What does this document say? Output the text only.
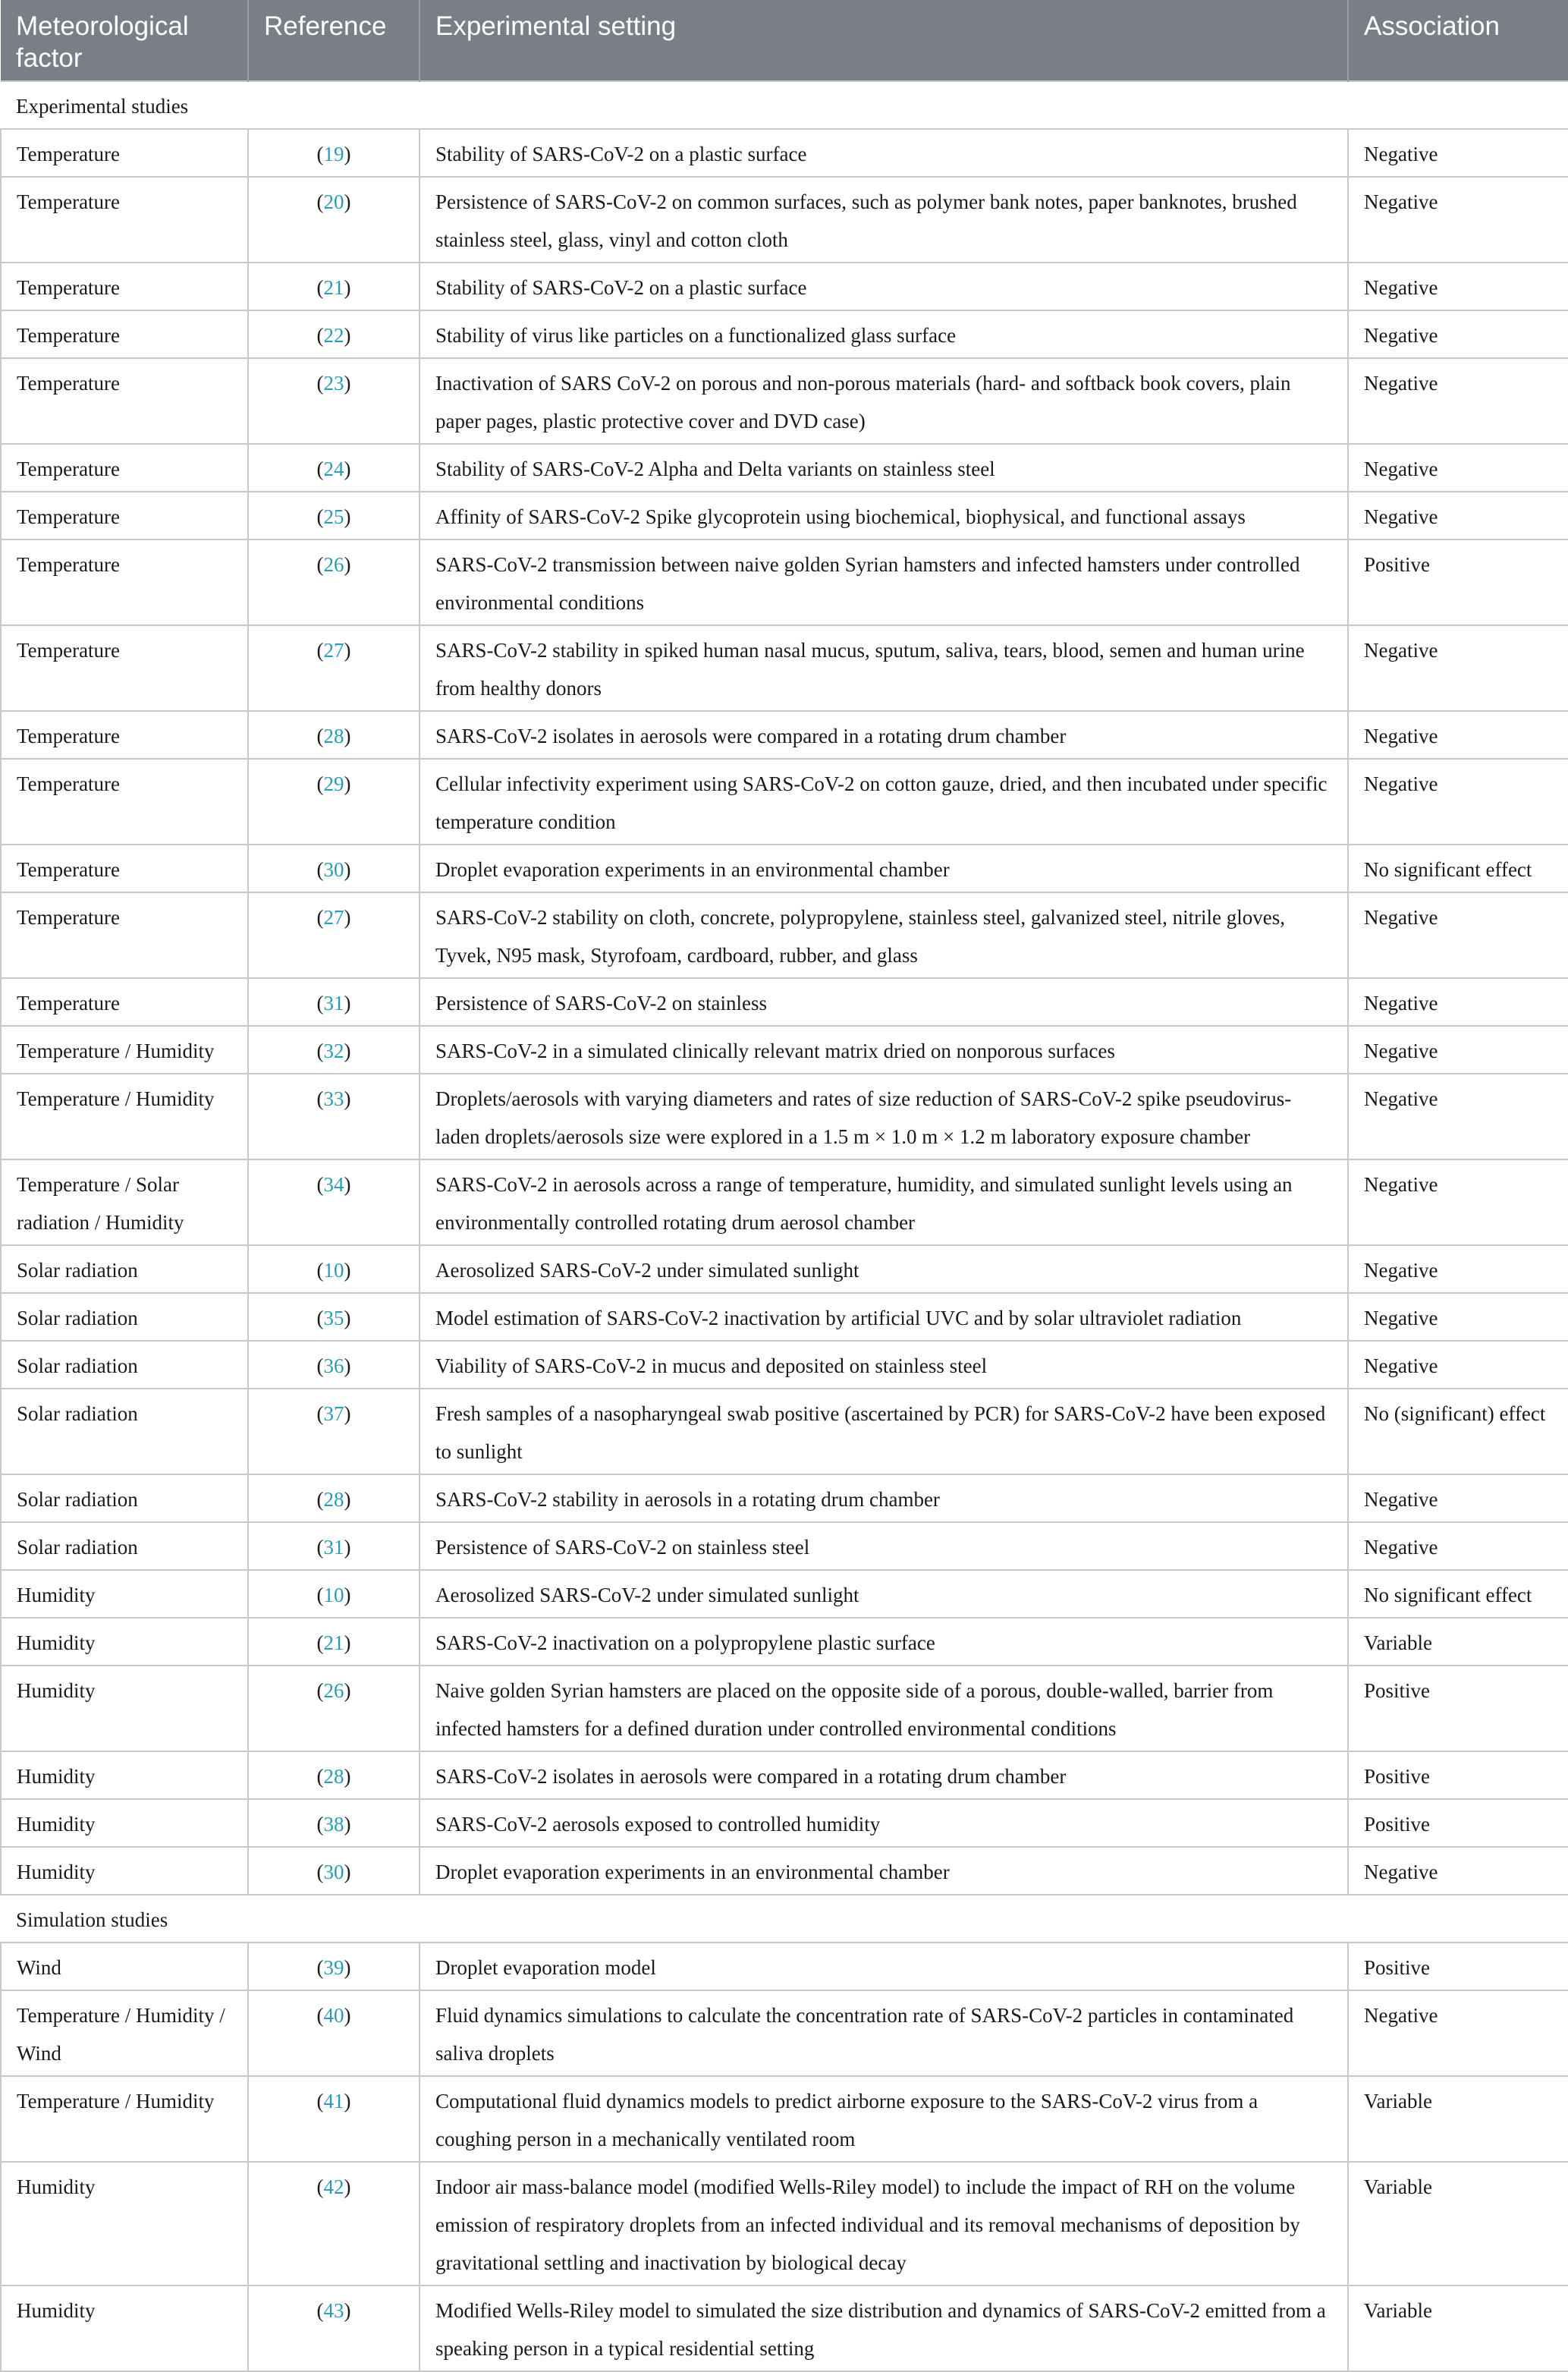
Meteorological factor	Reference	Experimental setting	Association
Experimental studies			
Temperature	(19)	Stability of SARS-CoV-2 on a plastic surface	Negative
Temperature	(20)	Persistence of SARS-CoV-2 on common surfaces, such as polymer bank notes, paper banknotes, brushed stainless steel, glass, vinyl and cotton cloth	Negative
Temperature	(21)	Stability of SARS-CoV-2 on a plastic surface	Negative
Temperature	(22)	Stability of virus like particles on a functionalized glass surface	Negative
Temperature	(23)	Inactivation of SARS CoV-2 on porous and non-porous materials (hard- and softback book covers, plain paper pages, plastic protective cover and DVD case)	Negative
Temperature	(24)	Stability of SARS-CoV-2 Alpha and Delta variants on stainless steel	Negative
Temperature	(25)	Affinity of SARS-CoV-2 Spike glycoprotein using biochemical, biophysical, and functional assays	Negative
Temperature	(26)	SARS-CoV-2 transmission between naive golden Syrian hamsters and infected hamsters under controlled environmental conditions	Positive
Temperature	(27)	SARS-CoV-2 stability in spiked human nasal mucus, sputum, saliva, tears, blood, semen and human urine from healthy donors	Negative
Temperature	(28)	SARS-CoV-2 isolates in aerosols were compared in a rotating drum chamber	Negative
Temperature	(29)	Cellular infectivity experiment using SARS-CoV-2 on cotton gauze, dried, and then incubated under specific temperature condition	Negative
Temperature	(30)	Droplet evaporation experiments in an environmental chamber	No significant effect
Temperature	(27)	SARS-CoV-2 stability on cloth, concrete, polypropylene, stainless steel, galvanized steel, nitrile gloves, Tyvek, N95 mask, Styrofoam, cardboard, rubber, and glass	Negative
Temperature	(31)	Persistence of SARS-CoV-2 on stainless	Negative
Temperature / Humidity	(32)	SARS-CoV-2 in a simulated clinically relevant matrix dried on nonporous surfaces	Negative
Temperature / Humidity	(33)	Droplets/aerosols with varying diameters and rates of size reduction of SARS-CoV-2 spike pseudovirus-laden droplets/aerosols size were explored in a 1.5 m × 1.0 m × 1.2 m laboratory exposure chamber	Negative
Temperature / Solar radiation / Humidity	(34)	SARS-CoV-2 in aerosols across a range of temperature, humidity, and simulated sunlight levels using an environmentally controlled rotating drum aerosol chamber	Negative
Solar radiation	(10)	Aerosolized SARS-CoV-2 under simulated sunlight	Negative
Solar radiation	(35)	Model estimation of SARS-CoV-2 inactivation by artificial UVC and by solar ultraviolet radiation	Negative
Solar radiation	(36)	Viability of SARS-CoV-2 in mucus and deposited on stainless steel	Negative
Solar radiation	(37)	Fresh samples of a nasopharyngeal swab positive (ascertained by PCR) for SARS-CoV-2 have been exposed to sunlight	No (significant) effect
Solar radiation	(28)	SARS-CoV-2 stability in aerosols in a rotating drum chamber	Negative
Solar radiation	(31)	Persistence of SARS-CoV-2 on stainless steel	Negative
Humidity	(10)	Aerosolized SARS-CoV-2 under simulated sunlight	No significant effect
Humidity	(21)	SARS-CoV-2 inactivation on a polypropylene plastic surface	Variable
Humidity	(26)	Naive golden Syrian hamsters are placed on the opposite side of a porous, double-walled, barrier from infected hamsters for a defined duration under controlled environmental conditions	Positive
Humidity	(28)	SARS-CoV-2 isolates in aerosols were compared in a rotating drum chamber	Positive
Humidity	(38)	SARS-CoV-2 aerosols exposed to controlled humidity	Positive
Humidity	(30)	Droplet evaporation experiments in an environmental chamber	Negative
Simulation studies			
Wind	(39)	Droplet evaporation model	Positive
Temperature / Humidity / Wind	(40)	Fluid dynamics simulations to calculate the concentration rate of SARS-CoV-2 particles in contaminated saliva droplets	Negative
Temperature / Humidity	(41)	Computational fluid dynamics models to predict airborne exposure to the SARS-CoV-2 virus from a coughing person in a mechanically ventilated room	Variable
Humidity	(42)	Indoor air mass-balance model (modified Wells-Riley model) to include the impact of RH on the volume emission of respiratory droplets from an infected individual and its removal mechanisms of deposition by gravitational settling and inactivation by biological decay	Variable
Humidity	(43)	Modified Wells-Riley model to simulated the size distribution and dynamics of SARS-CoV-2 emitted from a speaking person in a typical residential setting	Variable
